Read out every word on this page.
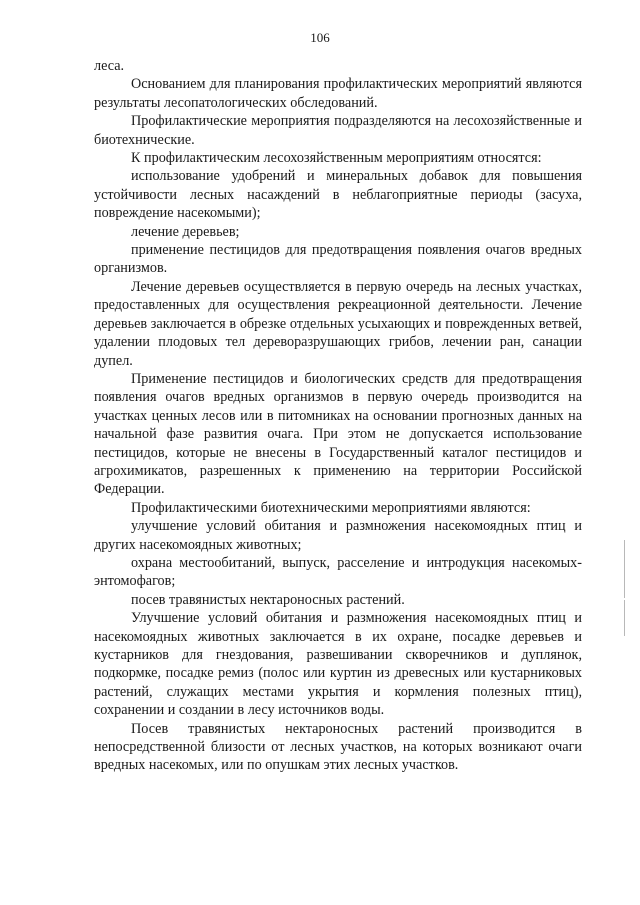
106

леса.

Основанием для планирования профилактических мероприятий являются результаты лесопатологических обследований.

Профилактические мероприятия подразделяются на лесохозяйственные и биотехнические.

К профилактическим лесохозяйственным мероприятиям относятся:

использование удобрений и минеральных добавок для повышения устойчивости лесных насаждений в неблагоприятные периоды (засуха, повреждение насекомыми);

лечение деревьев;

применение пестицидов для предотвращения появления очагов вредных организмов.

Лечение деревьев осуществляется в первую очередь на лесных участках, предоставленных для осуществления рекреационной деятельности. Лечение деревьев заключается в обрезке отдельных усыхающих и поврежденных ветвей, удалении плодовых тел дереворазрушающих грибов, лечении ран, санации дупел.

Применение пестицидов и биологических средств для предотвращения появления очагов вредных организмов в первую очередь производится на участках ценных лесов или в питомниках на основании прогнозных данных на начальной фазе развития очага. При этом не допускается использование пестицидов, которые не внесены в Государственный каталог пестицидов и агрохимикатов, разрешенных к применению на территории Российской Федерации.

Профилактическими биотехническими мероприятиями являются:

улучшение условий обитания и размножения насекомоядных птиц и других насекомоядных животных;

охрана местообитаний, выпуск, расселение и интродукция насекомых-энтомофагов;

посев травянистых нектароносных растений.

Улучшение условий обитания и размножения насекомоядных птиц и насекомоядных животных заключается в их охране, посадке деревьев и кустарников для гнездования, развешивании скворечников и дуплянок, подкормке, посадке ремиз (полос или куртин из древесных или кустарниковых растений, служащих местами укрытия и кормления полезных птиц), сохранении и создании в лесу источников воды.

Посев травянистых нектароносных растений производится в непосредственной близости от лесных участков, на которых возникают очаги вредных насекомых, или по опушкам этих лесных участков.
